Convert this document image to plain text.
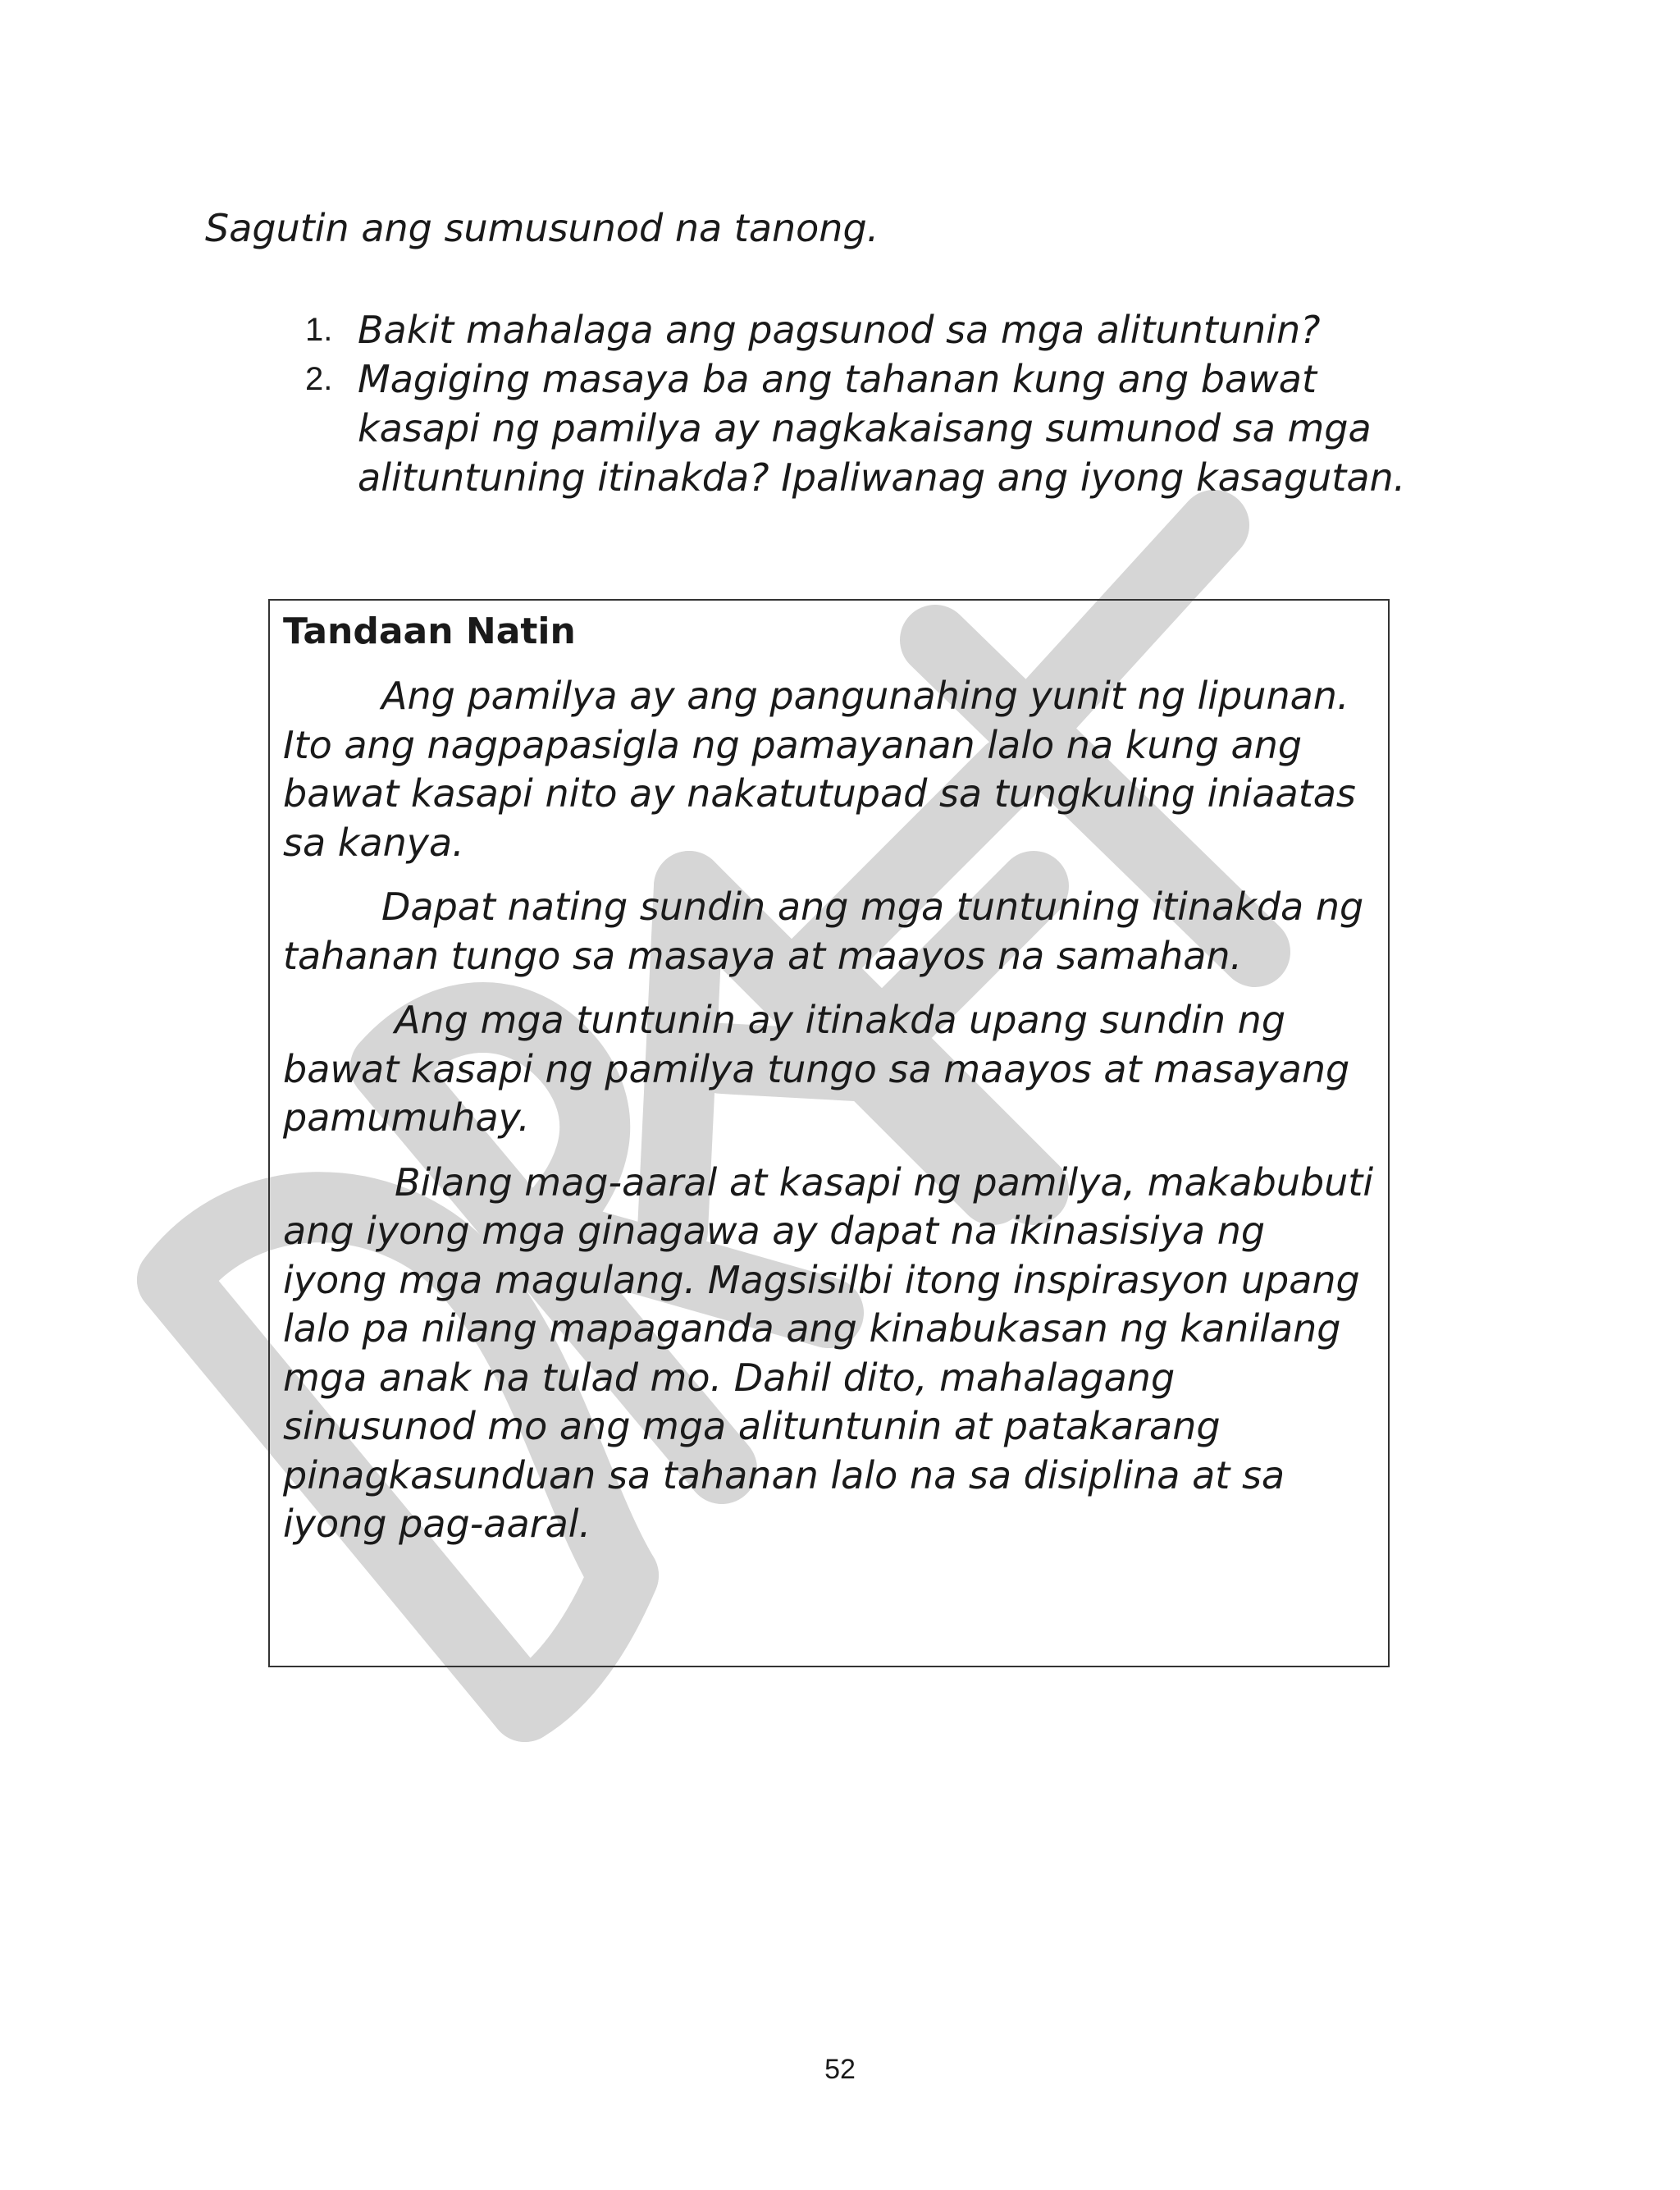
Sagutin ang sumusunod na tanong.

1. Bakit mahalaga ang pagsunod sa mga alituntunin?
2. Magiging masaya ba ang tahanan kung ang bawat kasapi ng pamilya ay nagkakaisang sumunod sa mga alituntuning itinakda? Ipaliwanag ang iyong kasagutan.

Tandaan Natin

Ang pamilya ay ang pangunahing yunit ng lipunan. Ito ang nagpapasigla ng pamayanan lalo na kung ang bawat kasapi nito ay nakatutupad sa tungkuling iniaatas sa kanya.

Dapat nating sundin ang mga tuntuning itinakda ng tahanan tungo sa masaya at maayos na samahan.

Ang mga tuntunin ay itinakda upang sundin ng bawat kasapi ng pamilya tungo sa maayos at masayang pamumuhay.

Bilang mag-aaral at kasapi ng pamilya, makabubuti ang iyong mga ginagawa ay dapat na ikinasisiya ng iyong mga magulang. Magsisilbi itong inspirasyon upang lalo pa nilang mapaganda ang kinabukasan ng kanilang mga anak na tulad mo. Dahil dito, mahalagang sinusunod mo ang mga alituntunin at patakarang pinagkasunduan sa tahanan lalo na sa disiplina at sa iyong pag-aaral.

52
